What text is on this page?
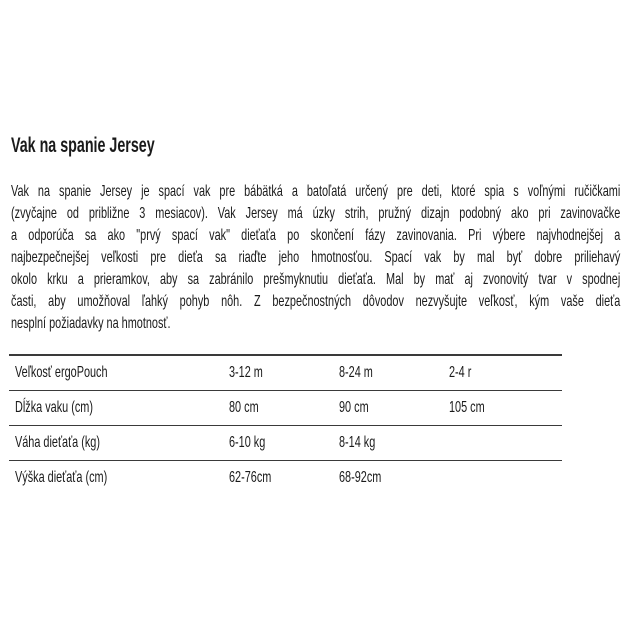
Vak na spanie Jersey
Vak na spanie Jersey je spací vak pre bábätká a batoľatá určený pre deti, ktoré spia s voľnými ručičkami
(zvyčajne od približne 3 mesiacov). Vak Jersey má úzky strih, pružný dizajn podobný ako pri zavinovačke
a odporúča sa ako "prvý spací vak" dieťaťa po skončení fázy zavinovania. Pri výbere najvhodnejšej a
najbezpečnejšej veľkosti pre dieťa sa riaďte jeho hmotnosťou. Spací vak by mal byť dobre priliehavý
okolo krku a prieramkov, aby sa zabránilo prešmyknutiu dieťaťa. Mal by mať aj zvonovitý tvar v spodnej
časti, aby umožňoval ľahký pohyb nôh. Z bezpečnostných dôvodov nezvyšujte veľkosť, kým vaše dieťa
nesplní požiadavky na hmotnosť.
Veľkosť ergoPouch	3-12 m	8-24 m	2-4 r
Dĺžka vaku (cm)	80 cm	90 cm	105 cm
Váha dieťaťa (kg)	6-10 kg	8-14 kg	
Výška dieťaťa (cm)	62-76cm	68-92cm	
